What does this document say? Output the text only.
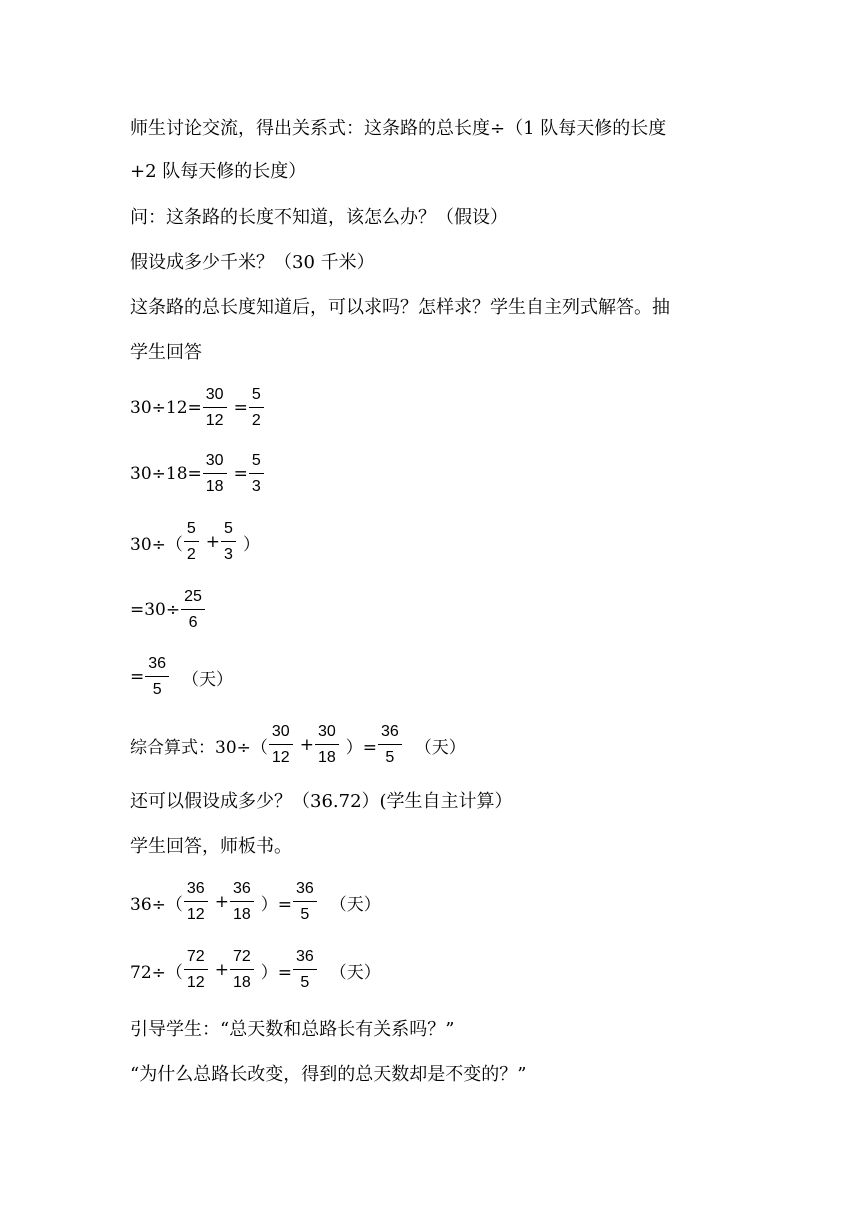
师生讨论交流，得出关系式：这条路的总长度÷（1 队每天修的长度
+2 队每天修的长度）
问：这条路的长度不知道，该怎么办？（假设）
假设成多少千米？（30 千米）
这条路的总长度知道后，可以求吗？怎样求？学生自主列式解答。抽
学生回答
$30\div 12= \frac{30}{12} = \frac{5}{2}$
$30\div 18= \frac{30}{18} = \frac{5}{3}$
$30\div( \frac{5}{2} + \frac{5}{3}$ ）
$=30\div \frac{25}{6}$
= $\frac{36}{5}$ （天）
综合算式：$30\div( \frac{30}{12} + \frac{30}{18}$ ）= $\frac{36}{5}$ （天）
还可以假设成多少？（36.72）(学生自主计算）
学生回答，师板书。
$36\div( \frac{36}{12} + \frac{36}{18}$ ）= $\frac{36}{5}$ （天）
$72\div( \frac{72}{12} + \frac{72}{18}$ ）= $\frac{36}{5}$ （天）
引导学生：“总天数和总路长有关系吗？”
“为什么总路长改变，得到的总天数却是不变的？”
